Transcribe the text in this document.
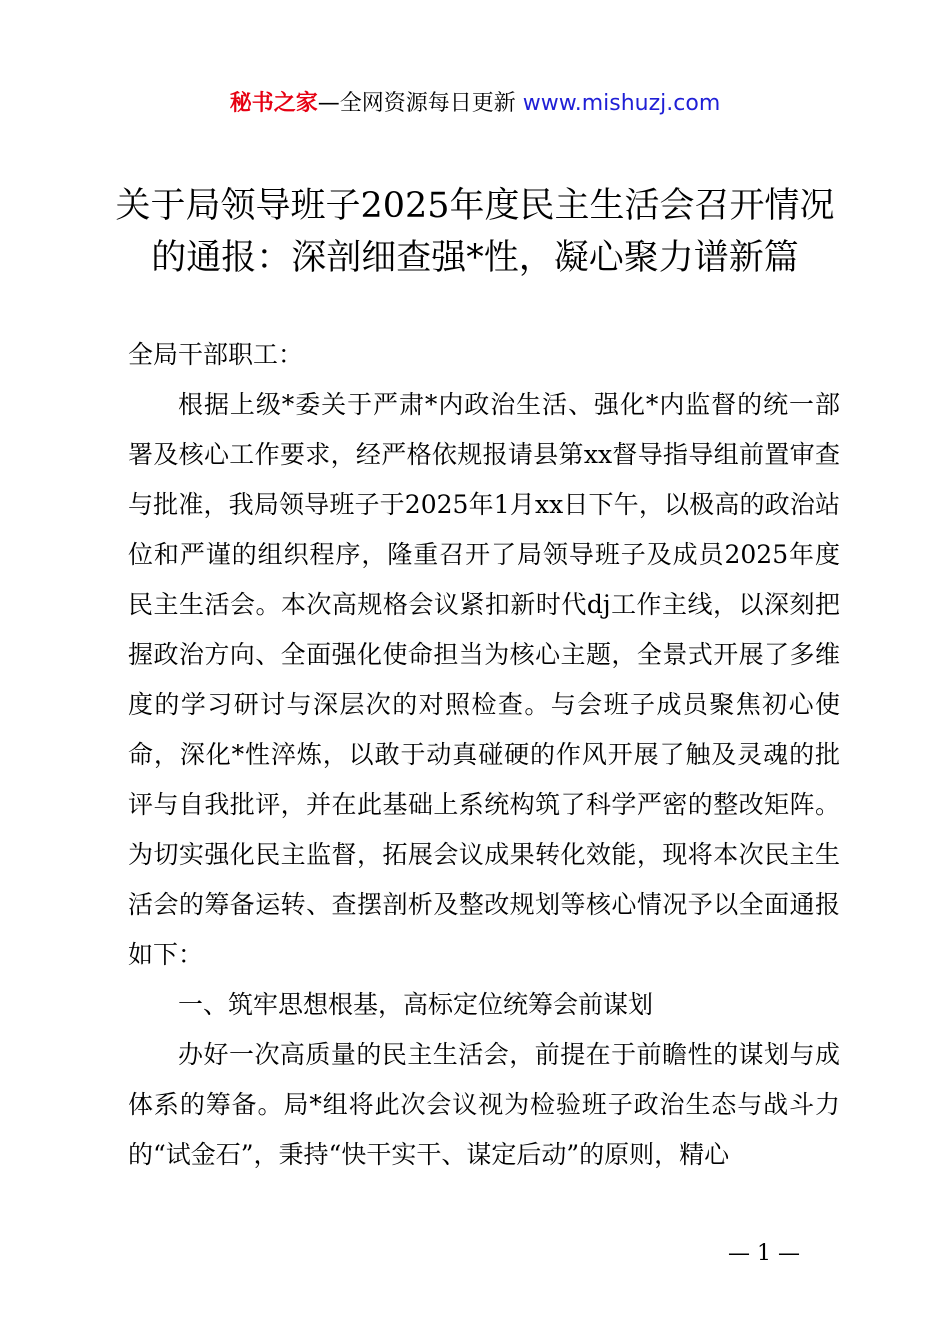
秘书之家—全网资源每日更新 www.mishuzj.com
关于局领导班子2025年度民主生活会召开情况的通报：深剖细查强*性，凝心聚力谱新篇

全局干部职工：

根据上级*委关于严肃*内政治生活、强化*内监督的统一部署及核心工作要求，经严格依规报请县第xx督导指导组前置审查与批准，我局领导班子于2025年1月xx日下午，以极高的政治站位和严谨的组织程序，隆重召开了局领导班子及成员2025年度民主生活会。本次高规格会议紧扣新时代dj工作主线，以深刻把握政治方向、全面强化使命担当为核心主题，全景式开展了多维度的学习研讨与深层次的对照检查。与会班子成员聚焦初心使命，深化*性淬炼，以敢于动真碰硬的作风开展了触及灵魂的批评与自我批评，并在此基础上系统构筑了科学严密的整改矩阵。为切实强化民主监督，拓展会议成果转化效能，现将本次民主生活会的筹备运转、查摆剖析及整改规划等核心情况予以全面通报如下：

一、筑牢思想根基，高标定位统筹会前谋划

办好一次高质量的民主生活会，前提在于前瞻性的谋划与成体系的筹备。局*组将此次会议视为检验班子政治生态与战斗力的“试金石”，秉持“快干实干、谋定后动”的原则，精心

— 1 —
